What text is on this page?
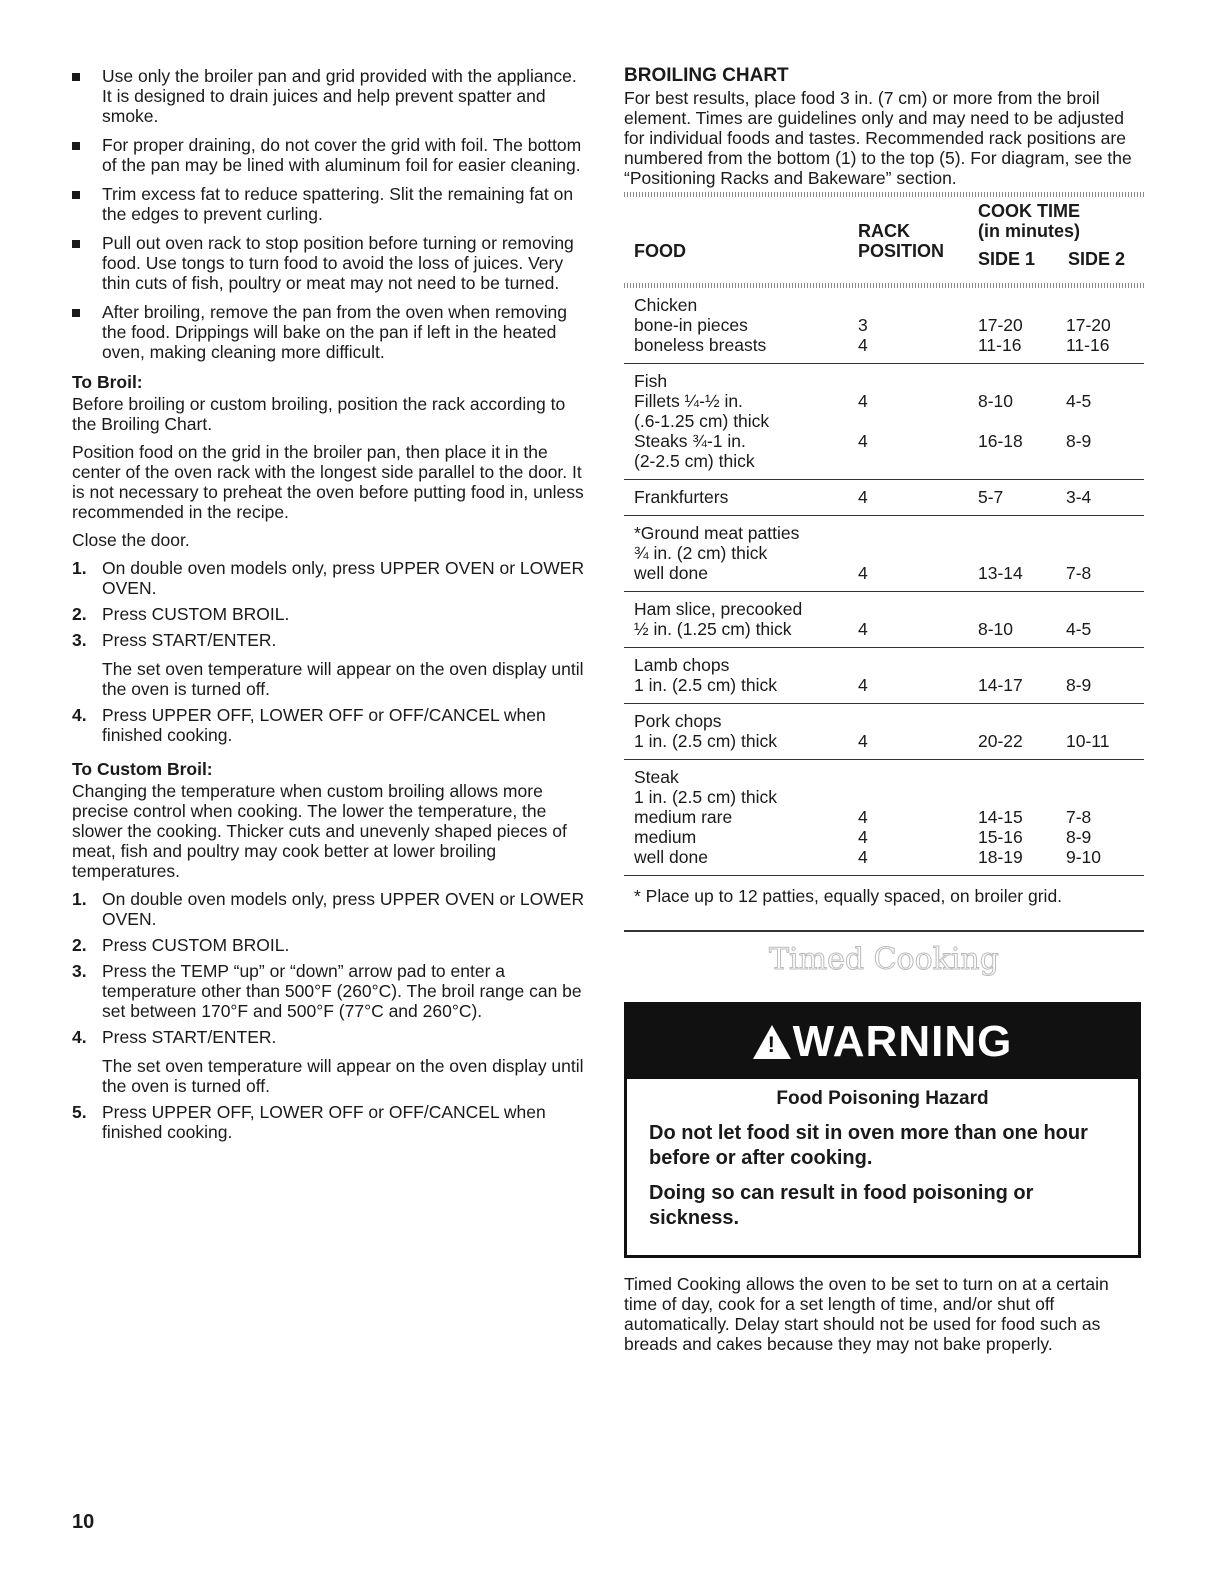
Use only the broiler pan and grid provided with the appliance. It is designed to drain juices and help prevent spatter and smoke.
For proper draining, do not cover the grid with foil. The bottom of the pan may be lined with aluminum foil for easier cleaning.
Trim excess fat to reduce spattering. Slit the remaining fat on the edges to prevent curling.
Pull out oven rack to stop position before turning or removing food. Use tongs to turn food to avoid the loss of juices. Very thin cuts of fish, poultry or meat may not need to be turned.
After broiling, remove the pan from the oven when removing the food. Drippings will bake on the pan if left in the heated oven, making cleaning more difficult.
To Broil:

Before broiling or custom broiling, position the rack according to the Broiling Chart.

Position food on the grid in the broiler pan, then place it in the center of the oven rack with the longest side parallel to the door. It is not necessary to preheat the oven before putting food in, unless recommended in the recipe.

Close the door.

1. On double oven models only, press UPPER OVEN or LOWER OVEN.
2. Press CUSTOM BROIL.
3. Press START/ENTER.
The set oven temperature will appear on the oven display until the oven is turned off.
4. Press UPPER OFF, LOWER OFF or OFF/CANCEL when finished cooking.
To Custom Broil:

Changing the temperature when custom broiling allows more precise control when cooking. The lower the temperature, the slower the cooking. Thicker cuts and unevenly shaped pieces of meat, fish and poultry may cook better at lower broiling temperatures.

1. On double oven models only, press UPPER OVEN or LOWER OVEN.
2. Press CUSTOM BROIL.
3. Press the TEMP “up” or “down” arrow pad to enter a temperature other than 500°F (260°C). The broil range can be set between 170°F and 500°F (77°C and 260°C).
4. Press START/ENTER.
The set oven temperature will appear on the oven display until the oven is turned off.
5. Press UPPER OFF, LOWER OFF or OFF/CANCEL when finished cooking.
BROILING CHART

For best results, place food 3 in. (7 cm) or more from the broil element. Times are guidelines only and may need to be adjusted for individual foods and tastes. Recommended rack positions are numbered from the bottom (1) to the top (5). For diagram, see the “Positioning Racks and Bakeware” section.

FOOD
RACK
POSITION
COOK TIME
(in minutes)
SIDE 1 SIDE 2
Chicken
bone-in pieces	3	17-20 17-20
boneless breasts	4	11-16	11-16
Fish
Fillets ¼-½ in.	4	8-10	4-5
(.6-1.25 cm) thick
Steaks ¾-1 in.	4	16-18 8-9
(2-2.5 cm) thick
Frankfurters	4	5-7	3-4
*Ground meat patties
¾ in. (2 cm) thick
well done	4	13-14 7-8
Ham slice, precooked
½ in. (1.25 cm) thick	4	8-10	4-5
Lamb chops
1 in. (2.5 cm) thick	4	14-17 8-9
Pork chops
1 in. (2.5 cm) thick	4	20-22 10-11
Steak
1 in. (2.5 cm) thick
medium rare	4	14-15 7-8
medium	4	15-16 8-9
well done	4	18-19 9-10

* Place up to 12 patties, equally spaced, on broiler grid.

Timed Cooking
! WARNING
Food Poisoning Hazard
Do not let food sit in oven more than one hour before or after cooking.
Doing so can result in food poisoning or sickness.

Timed Cooking allows the oven to be set to turn on at a certain time of day, cook for a set length of time, and/or shut off automatically. Delay start should not be used for food such as breads and cakes because they may not bake properly.

10
